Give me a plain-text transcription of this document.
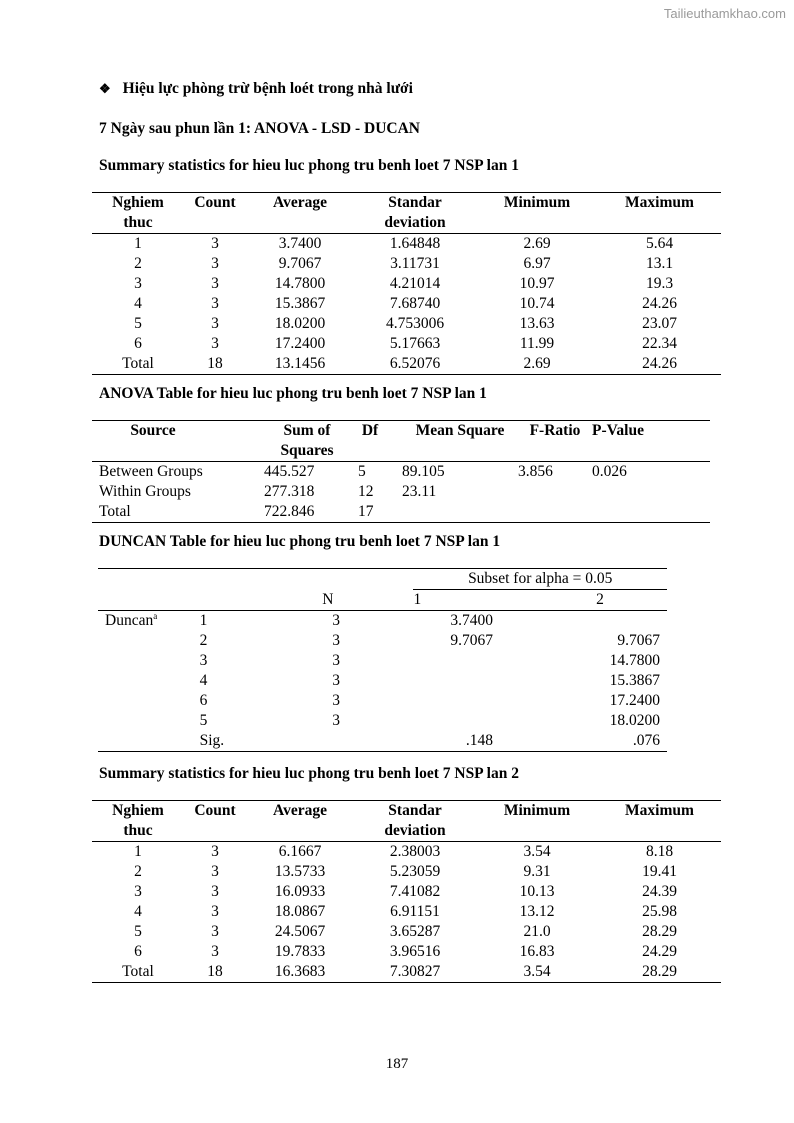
Tailieuthamkhao.com
❖ Hiệu lực phòng trừ bệnh loét trong nhà lưới
7 Ngày sau phun lần 1: ANOVA - LSD - DUCAN
Summary statistics for hieu luc phong tru benh loet 7 NSP lan 1
Nghiem thuc	Count	Average	Standar deviation	Minimum	Maximum
1	3	3.7400	1.64848	2.69	5.64
2	3	9.7067	3.11731	6.97	13.1
3	3	14.7800	4.21014	10.97	19.3
4	3	15.3867	7.68740	10.74	24.26
5	3	18.0200	4.753006	13.63	23.07
6	3	17.2400	5.17663	11.99	22.34
Total	18	13.1456	6.52076	2.69	24.26
ANOVA Table for hieu luc phong tru benh loet 7 NSP lan 1
Source	Sum of Squares	Df	Mean Square	F-Ratio	P-Value
Between Groups	445.527	5	89.105	3.856	0.026
Within Groups	277.318	12	23.11		
Total	722.846	17			
DUNCAN Table for hieu luc phong tru benh loet 7 NSP lan 1
			Subset for alpha = 0.05	
		N	1	2
Duncan$^a$	1	3	3.7400	
	2	3	9.7067	9.7067
	3	3		14.7800
	4	3		15.3867
	6	3		17.2400
	5	3		18.0200
	Sig.		.148	.076
Summary statistics for hieu luc phong tru benh loet 7 NSP lan 2
Nghiem thuc	Count	Average	Standar deviation	Minimum	Maximum
1	3	6.1667	2.38003	3.54	8.18
2	3	13.5733	5.23059	9.31	19.41
3	3	16.0933	7.41082	10.13	24.39
4	3	18.0867	6.91151	13.12	25.98
5	3	24.5067	3.65287	21.0	28.29
6	3	19.7833	3.96516	16.83	24.29
Total	18	16.3683	7.30827	3.54	28.29
187
